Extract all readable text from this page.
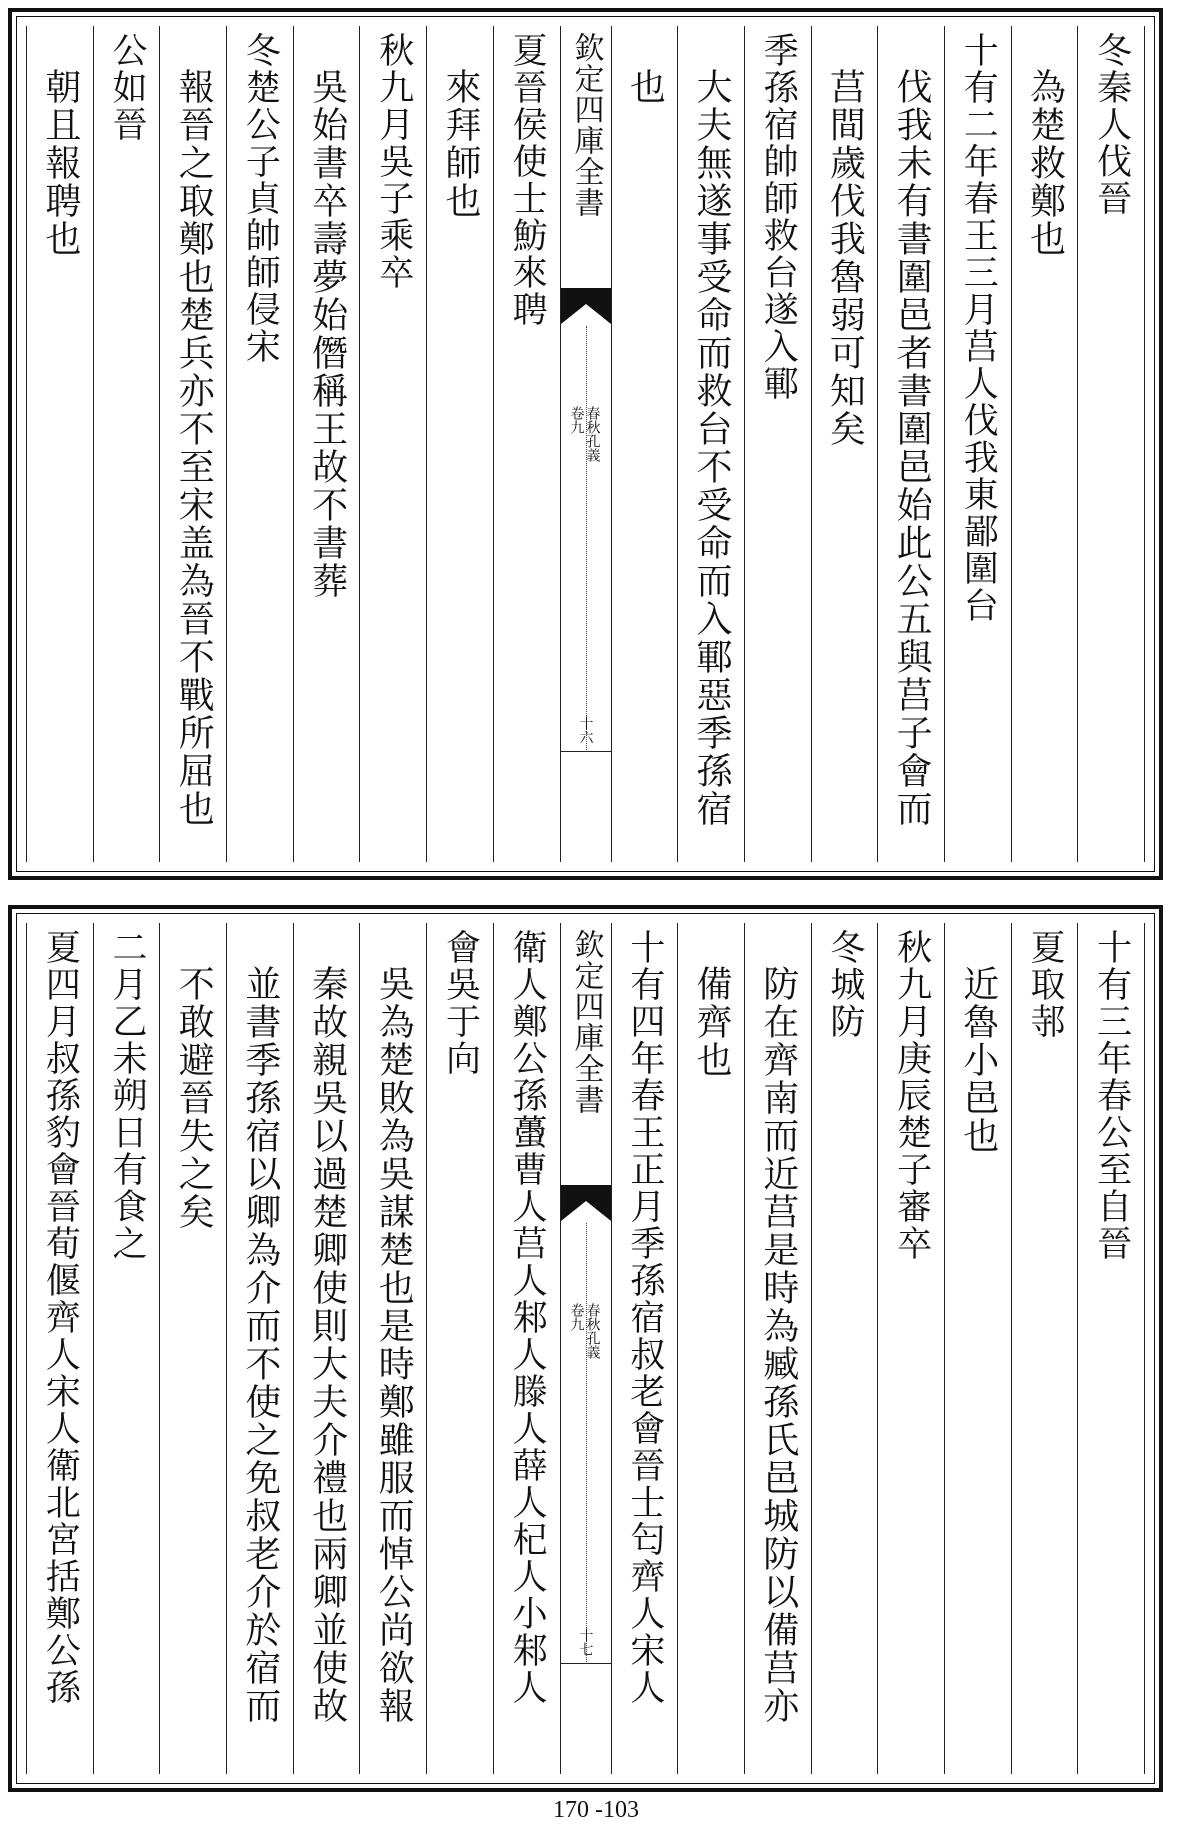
冬秦人伐晉
為楚救鄭也
十有二年春王三月莒人伐我東鄙圍台
伐我未有書圍邑者書圍邑始此公五與莒子會而
莒間歲伐我魯弱可知矣
季孫宿帥師救台遂入鄆
大夫無遂事受命而救台不受命而入鄆惡季孫宿
也
欽定四庫全書
春秋孔義
卷九
十六
夏晉侯使士魴來聘
來拜師也
秋九月吳子乘卒
吳始書卒壽夢始僭稱王故不書葬
冬楚公子貞帥師侵宋
報晉之取鄭也楚兵亦不至宋盖為晉不戰所屈也
公如晉
朝且報聘也
十有三年春公至自晉
夏取邿
近魯小邑也
秋九月庚辰楚子審卒
冬城防
防在齊南而近莒是時為臧孫氏邑城防以備莒亦
備齊也
十有四年春王正月季孫宿叔老會晉士匄齊人宋人
欽定四庫全書
春秋孔義
卷九
十七
衛人鄭公孫蠆曹人莒人邾人滕人薛人杞人小邾人
會吳于向
吳為楚敗為吳謀楚也是時鄭雖服而悼公尚欲報
秦故親吳以過楚卿使則大夫介禮也兩卿並使故
並書季孫宿以卿為介而不使之免叔老介於宿而
不敢避晉失之矣
二月乙未朔日有食之
夏四月叔孫豹會晉荀偃齊人宋人衛北宮括鄭公孫
170 -103
